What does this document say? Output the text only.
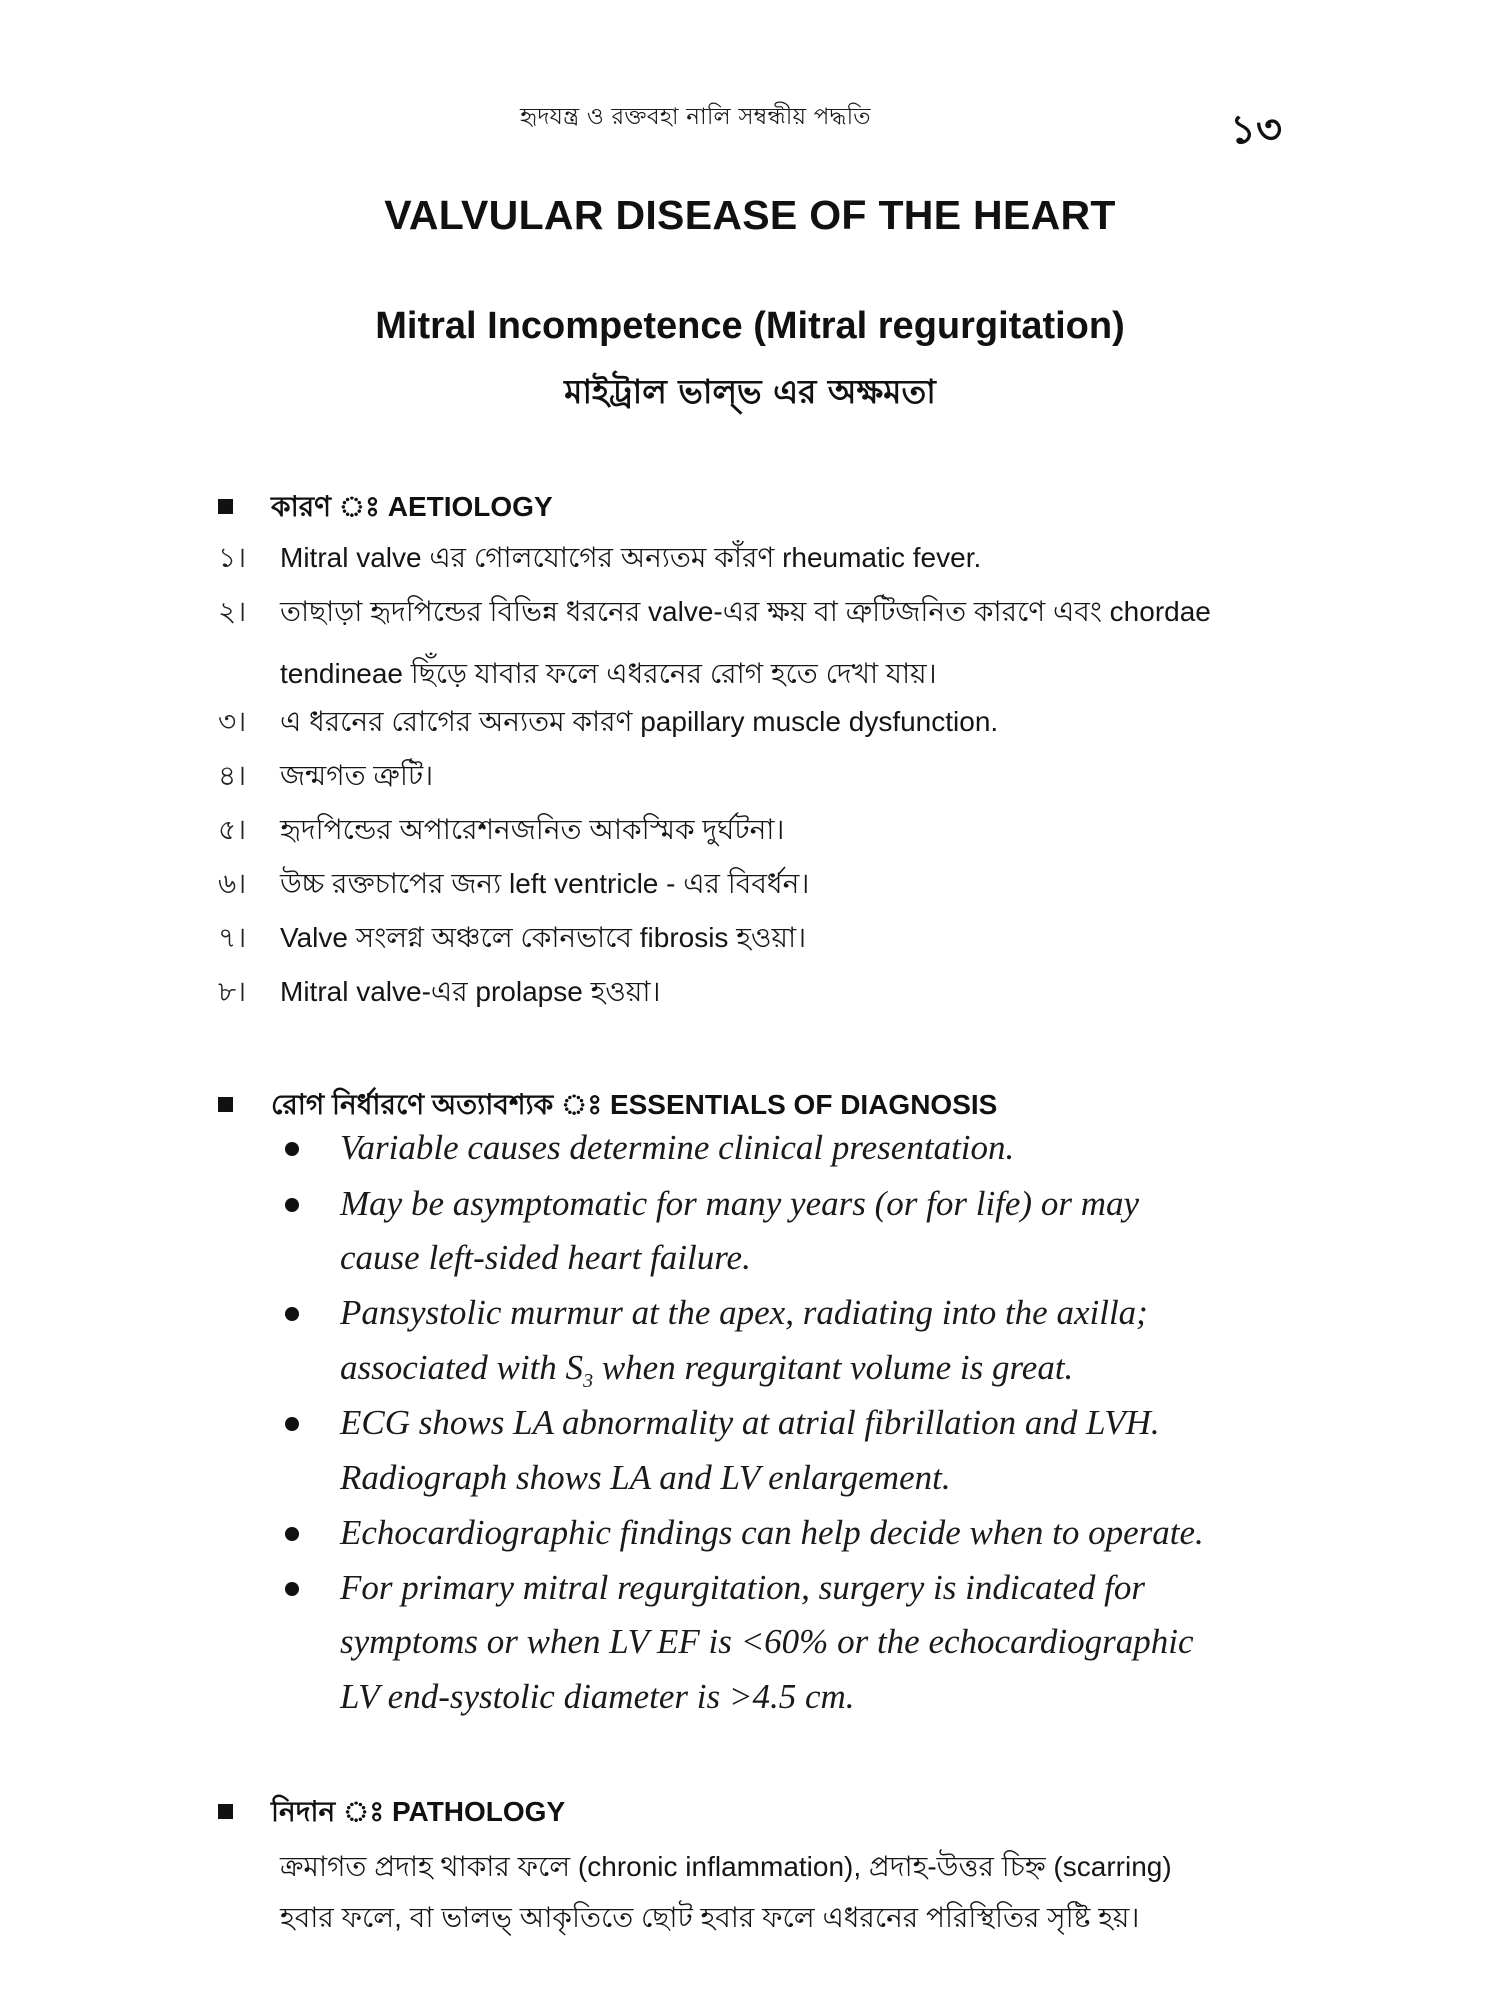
হৃদযন্ত্র ও রক্তবহা নালি সম্বন্ধীয় পদ্ধতি	১৩
VALVULAR DISEASE OF THE HEART
Mitral Incompetence (Mitral regurgitation)
মাইট্রাল ভাল্‌ভ এর অক্ষমতা
কারণ ঃ AETIOLOGY
১। Mitral valve এর গোলযোগের অন্যতম কাঁরণ rheumatic fever.
২। তাছাড়া হৃদপিন্ডের বিভিন্ন ধরনের valve-এর ক্ষয় বা ত্রুটিজনিত কারণে এবং chordae
tendineae ছিঁড়ে যাবার ফলে এধরনের রোগ হতে দেখা যায়।
৩। এ ধরনের রোগের অন্যতম কারণ papillary muscle dysfunction.
৪। জন্মগত ত্রুটি।
৫। হৃদপিন্ডের অপারেশনজনিত আকস্মিক দুর্ঘটনা।
৬। উচ্চ রক্তচাপের জন্য left ventricle - এর বিবর্ধন।
৭। Valve সংলগ্ন অঞ্চলে কোনভাবে fibrosis হওয়া।
৮। Mitral valve-এর prolapse হওয়া।
রোগ নির্ধারণে অত্যাবশ্যক ঃ ESSENTIALS OF DIAGNOSIS
Variable causes determine clinical presentation.
May be asymptomatic for many years (or for life) or may
cause left-sided heart failure.
Pansystolic murmur at the apex, radiating into the axilla;
associated with $S_3$ when regurgitant volume is great.
ECG shows LA abnormality at atrial fibrillation and LVH.
Radiograph shows LA and LV enlargement.
Echocardiographic findings can help decide when to operate.
For primary mitral regurgitation, surgery is indicated for
symptoms or when LV EF is <60% or the echocardiographic
LV end-systolic diameter is >4.5 cm.
নিদান ঃ PATHOLOGY
ক্রমাগত প্রদাহ থাকার ফলে (chronic inflammation), প্রদাহ-উত্তর চিহ্ন (scarring)
হবার ফলে, বা ভালভ্‌ আকৃতিতে ছোট হবার ফলে এধরনের পরিস্থিতির সৃষ্টি হয়।
